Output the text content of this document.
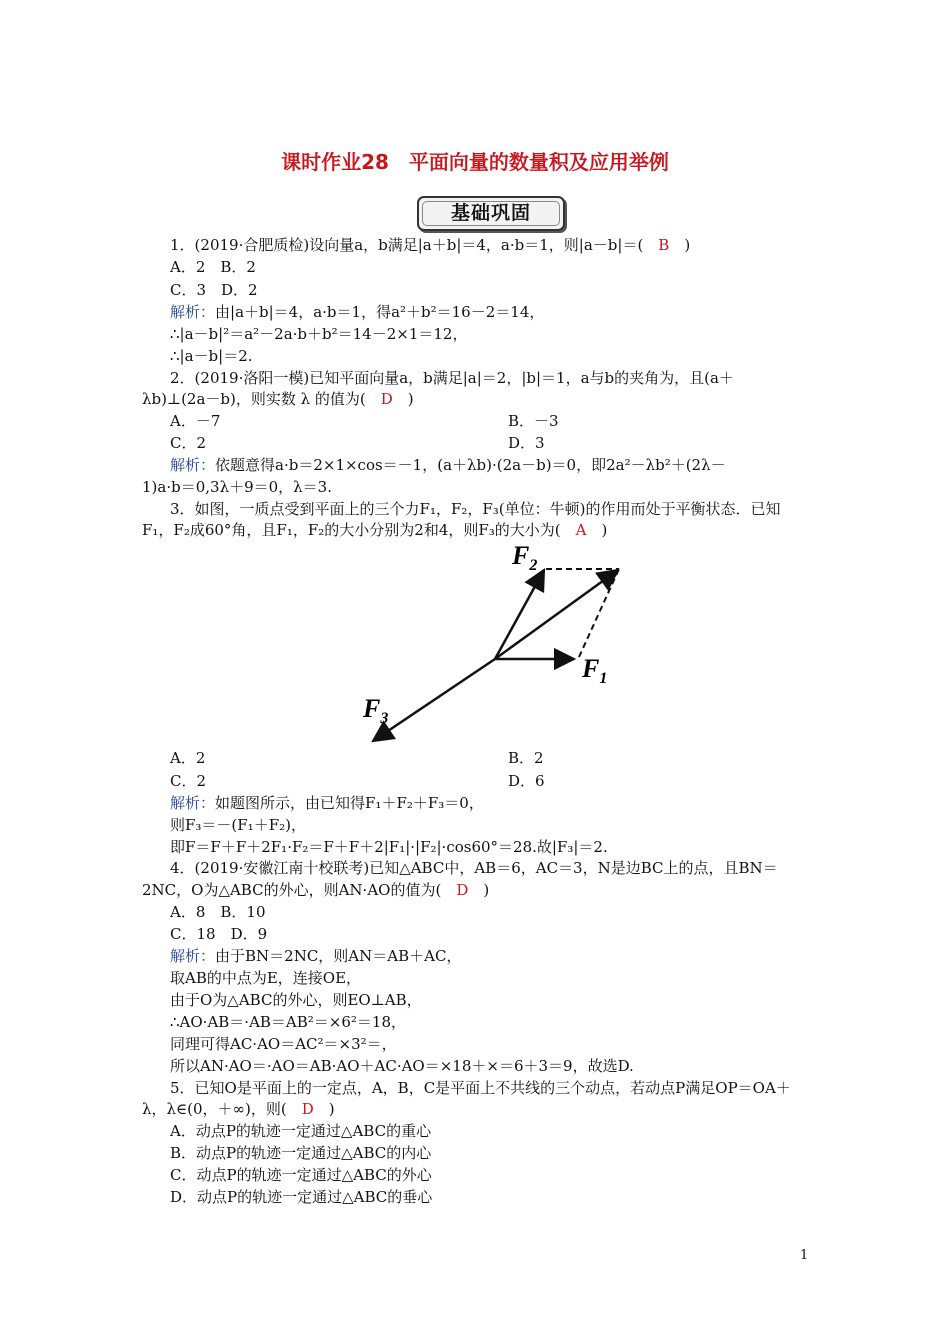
课时作业28　平面向量的数量积及应用举例
基础巩固
1．(2019·合肥质检)设向量a，b满足|a＋b|＝4，a·b＝1，则|a－b|＝(　B　)
A．2　B．2
C．3　D．2
解析：由|a＋b|＝4，a·b＝1，得a²＋b²＝16－2＝14，
∴|a－b|²＝a²－2a·b＋b²＝14－2×1＝12，
∴|a－b|＝2.
2．(2019·洛阳一模)已知平面向量a，b满足|a|＝2，|b|＝1，a与b的夹角为，且(a＋
λb)⊥(2a－b)，则实数 λ 的值为(　D　)
A．－7	B．－3
C．2	D．3
解析：依题意得a·b＝2×1×cos＝－1，(a＋λb)·(2a－b)＝0，即2a²－λb²＋(2λ－
1)a·b＝0,3λ＋9＝0，λ＝3.
3．如图，一质点受到平面上的三个力F₁，F₂，F₃(单位：牛顿)的作用而处于平衡状态．已知
F₁，F₂成60°角，且F₁，F₂的大小分别为2和4，则F₃的大小为(　A　)
$F_2$
$F_1$
$F_3$
A．2	B．2
C．2	D．6
解析：如题图所示，由已知得F₁＋F₂＋F₃＝0，
则F₃＝－(F₁＋F₂)，
即F＝F＋F＋2F₁·F₂＝F＋F＋2|F₁|·|F₂|·cos60°＝28.故|F₃|＝2.
4．(2019·安徽江南十校联考)已知△ABC中，AB＝6，AC＝3，N是边BC上的点，且BN＝
2NC，O为△ABC的外心，则AN·AO的值为(　D　)
A．8　B．10
C．18　D．9
解析：由于BN＝2NC，则AN＝AB＋AC，
取AB的中点为E，连接OE，
由于O为△ABC的外心，则EO⊥AB，
∴AO·AB＝·AB＝AB²＝×6²＝18，
同理可得AC·AO＝AC²＝×3²＝，
所以AN·AO＝·AO＝AB·AO＋AC·AO＝×18＋×＝6＋3＝9，故选D.
5．已知O是平面上的一定点，A，B，C是平面上不共线的三个动点，若动点P满足OP＝OA＋
λ，λ∈(0，＋∞)，则(　D　)
A．动点P的轨迹一定通过△ABC的重心
B．动点P的轨迹一定通过△ABC的内心
C．动点P的轨迹一定通过△ABC的外心
D．动点P的轨迹一定通过△ABC的垂心
1
